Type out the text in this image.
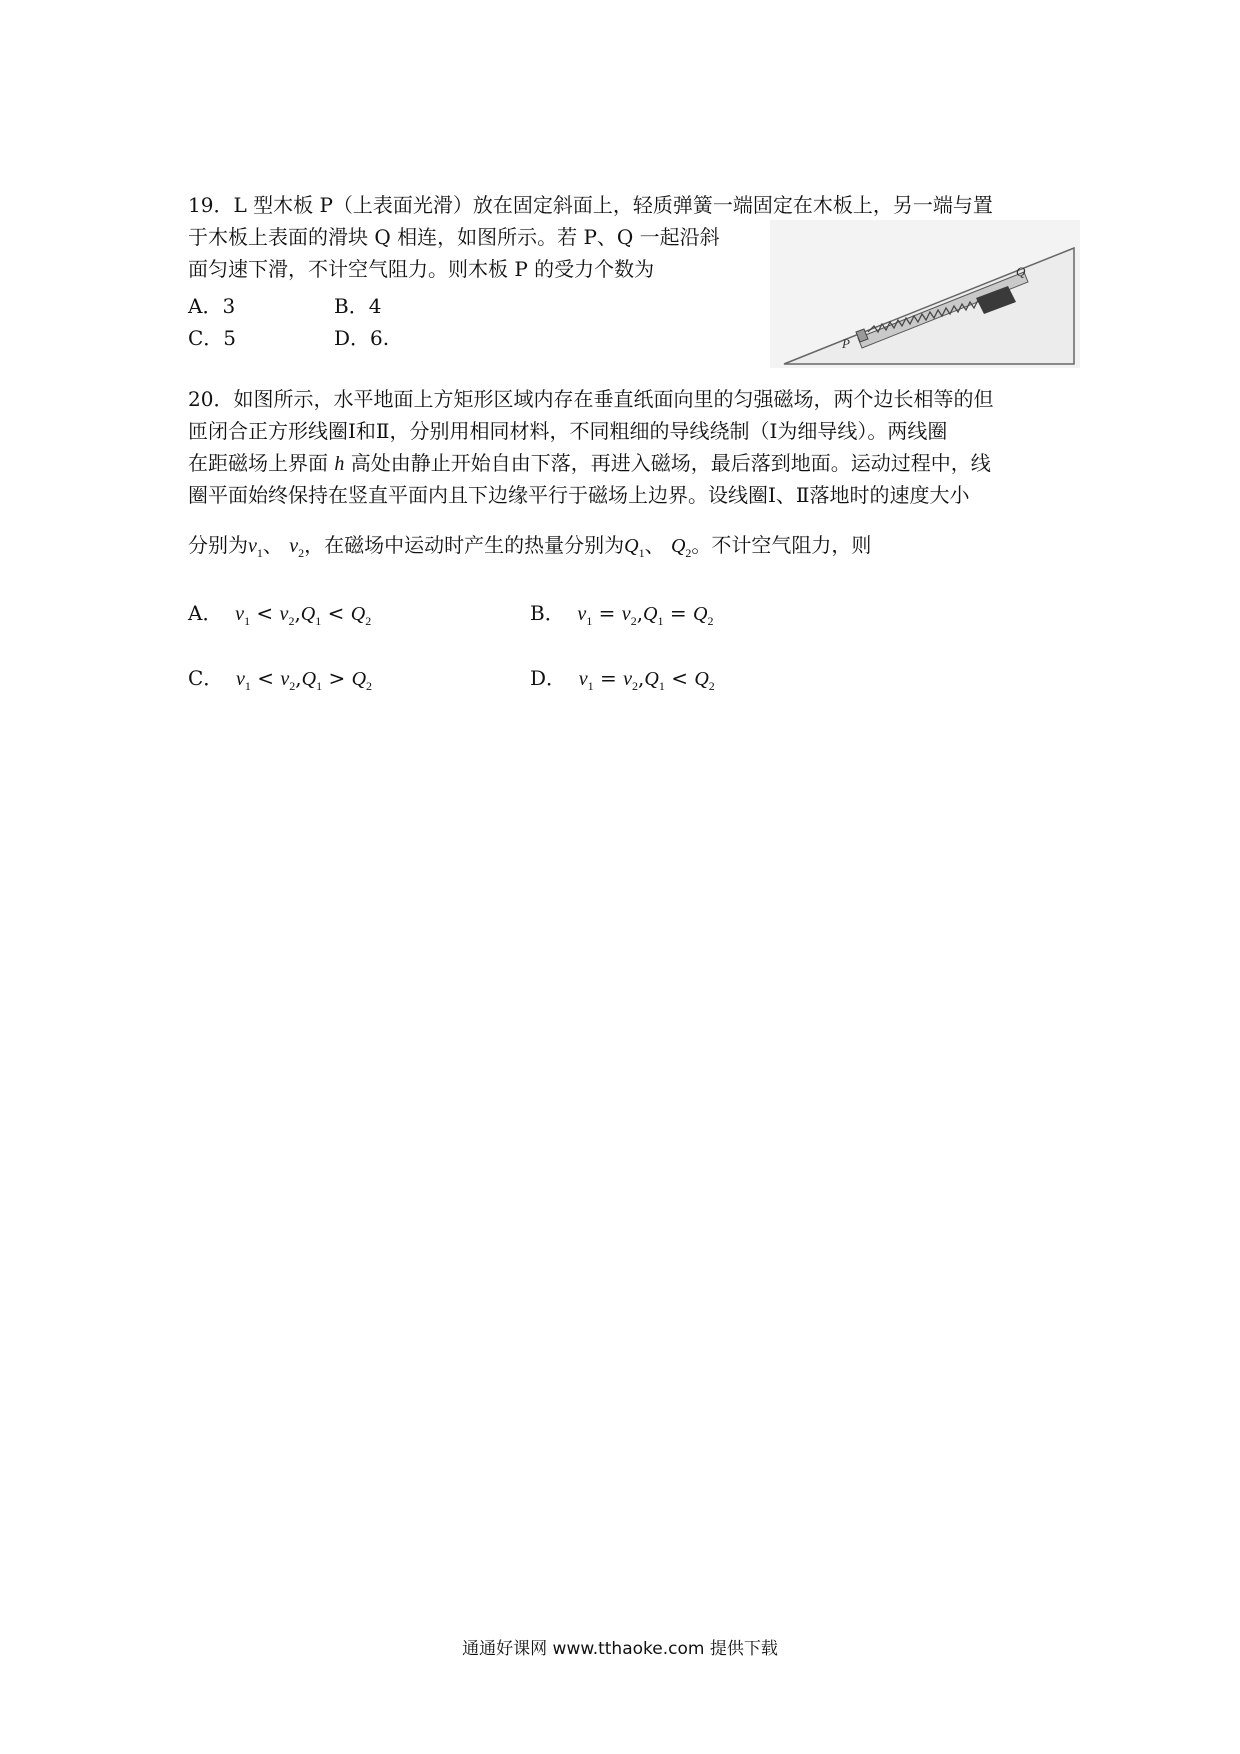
19．L 型木板 P（上表面光滑）放在固定斜面上，轻质弹簧一端固定在木板上，另一端与置
于木板上表面的滑块 Q 相连，如图所示。若 P、Q 一起沿斜
面匀速下滑，不计空气阻力。则木板 P 的受力个数为
A．3	B．4
C．5	D．6.	P
Q
20．如图所示，水平地面上方矩形区域内存在垂直纸面向里的匀强磁场，两个边长相等的但
匝闭合正方形线圈Ⅰ和Ⅱ，分别用相同材料，不同粗细的导线绕制（Ⅰ为细导线）。两线圈
在距磁场上界面 h 高处由静止开始自由下落，再进入磁场，最后落到地面。运动过程中，线
圈平面始终保持在竖直平面内且下边缘平行于磁场上边界。设线圈Ⅰ、Ⅱ落地时的速度大小
分别为$v_1$、 $v_2$，在磁场中运动时产生的热量分别为$Q_1$、 $Q_2$。不计空气阻力，则
A． $v_1 < v_2,Q_1 < Q_2$	B． $v_1 = v_2,Q_1 = Q_2$
C． $v_1 < v_2,Q_1 > Q_2$	D． $v_1 = v_2,Q_1 < Q_2$
通通好课网 www.tthaoke.com 提供下载
